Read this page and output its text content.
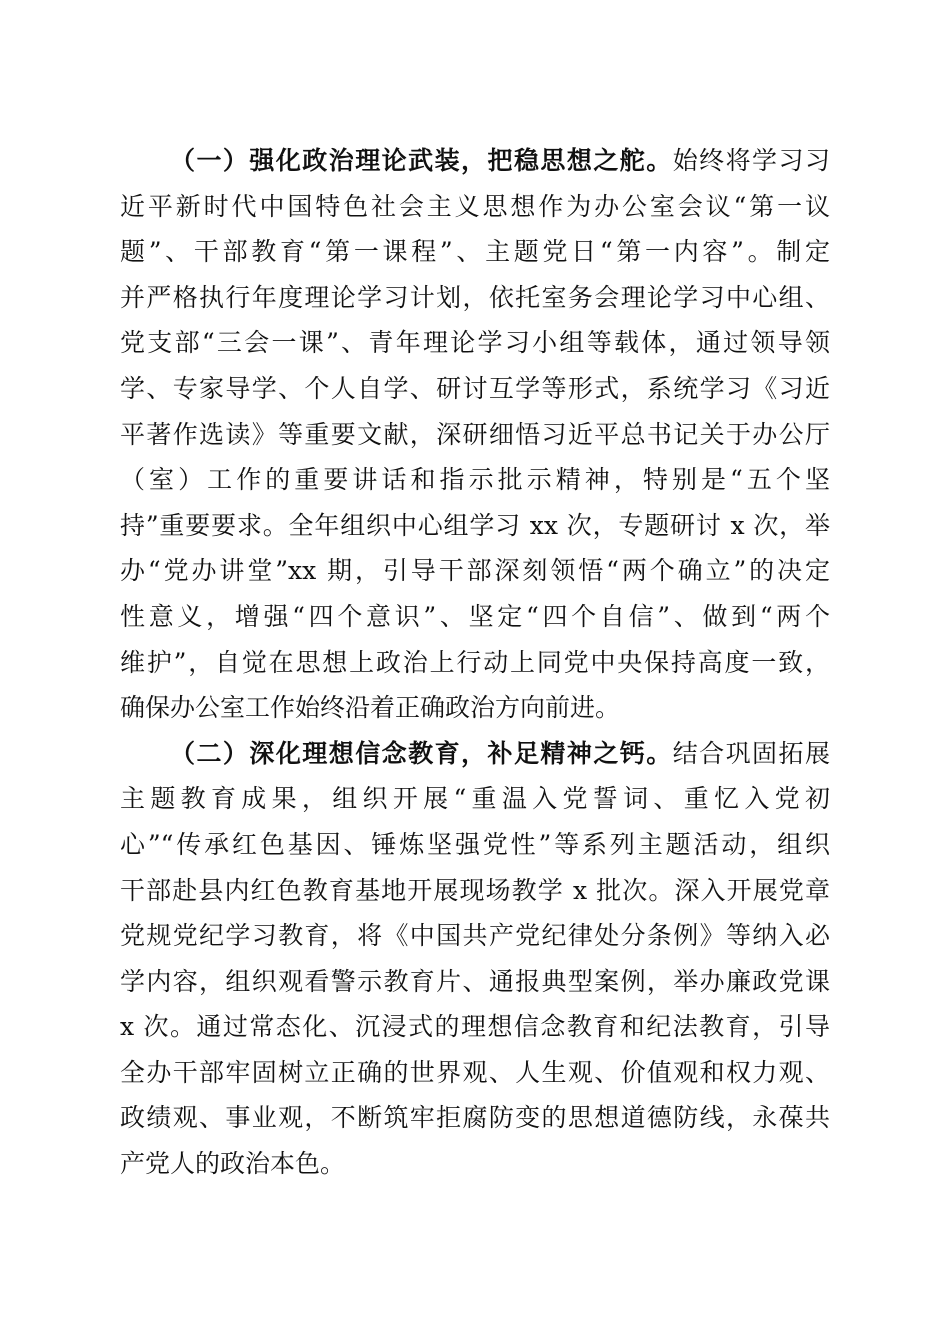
（一）强化政治理论武装，把稳思想之舵。始终将学习习
近平新时代中国特色社会主义思想作为办公室会议“第一议
题”、干部教育“第一课程”、主题党日“第一内容”。制定
并严格执行年度理论学习计划，依托室务会理论学习中心组、
党支部“三会一课”、青年理论学习小组等载体，通过领导领
学、专家导学、个人自学、研讨互学等形式，系统学习《习近
平著作选读》等重要文献，深研细悟习近平总书记关于办公厅
（室）工作的重要讲话和指示批示精神，特别是“五个坚
持”重要要求。全年组织中心组学习 xx 次，专题研讨 x 次，举
办“党办讲堂”xx 期，引导干部深刻领悟“两个确立”的决定
性意义，增强“四个意识”、坚定“四个自信”、做到“两个
维护”，自觉在思想上政治上行动上同党中央保持高度一致，
确保办公室工作始终沿着正确政治方向前进。
（二）深化理想信念教育，补足精神之钙。结合巩固拓展
主题教育成果，组织开展“重温入党誓词、重忆入党初
心”“传承红色基因、锤炼坚强党性”等系列主题活动，组织
干部赴县内红色教育基地开展现场教学 x 批次。深入开展党章
党规党纪学习教育，将《中国共产党纪律处分条例》等纳入必
学内容，组织观看警示教育片、通报典型案例，举办廉政党课
x 次。通过常态化、沉浸式的理想信念教育和纪法教育，引导
全办干部牢固树立正确的世界观、人生观、价值观和权力观、
政绩观、事业观，不断筑牢拒腐防变的思想道德防线，永葆共
产党人的政治本色。
